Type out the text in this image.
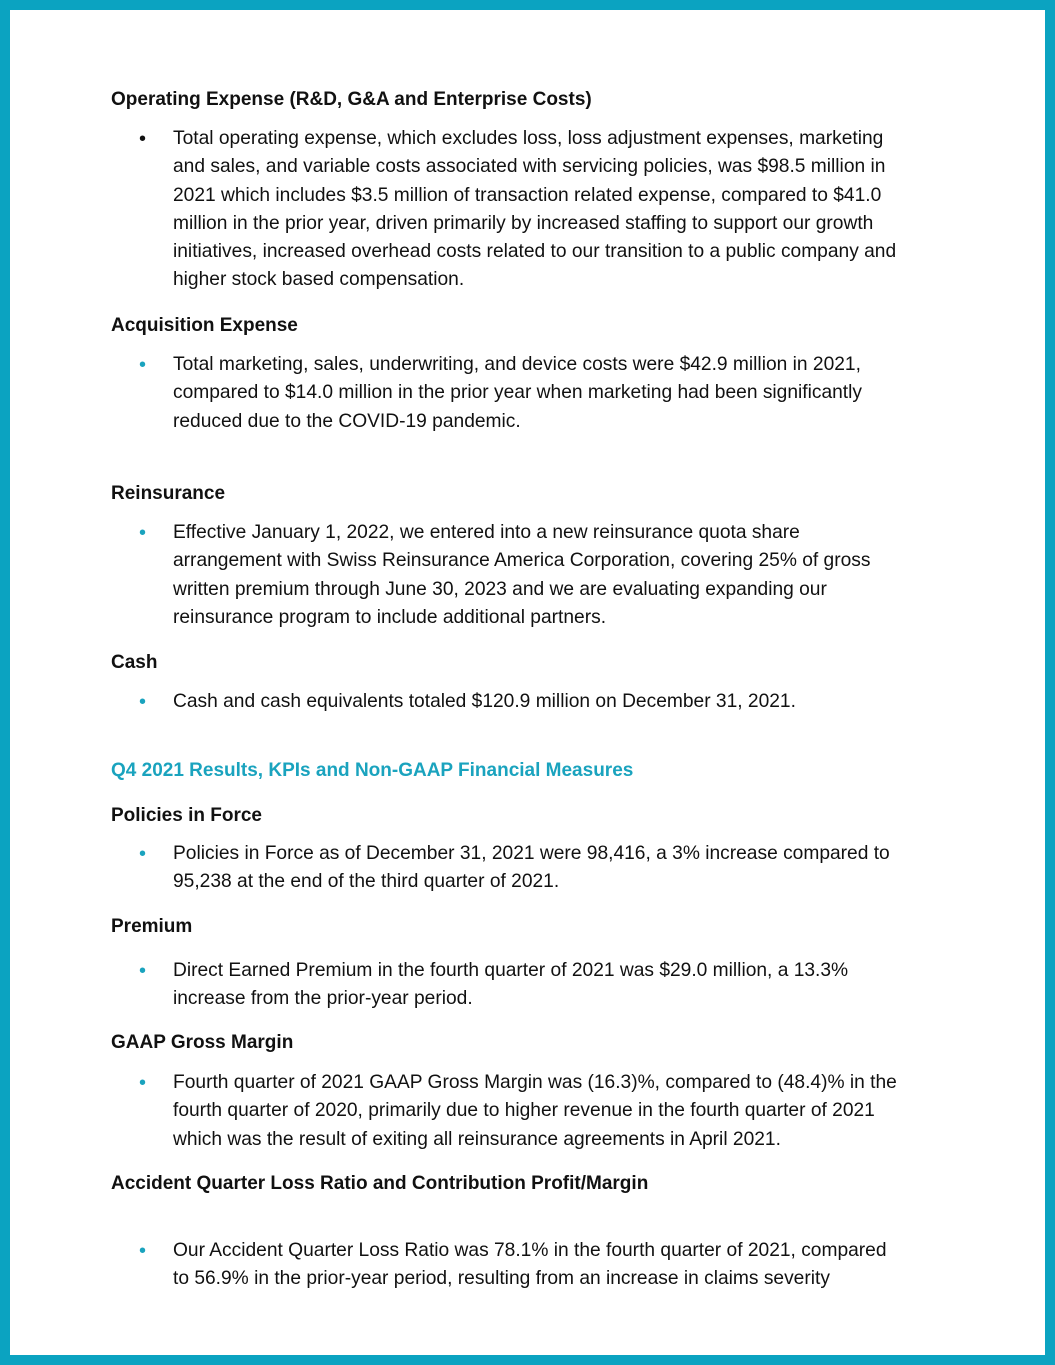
Operating Expense (R&D, G&A and Enterprise Costs)
• Total operating expense, which excludes loss, loss adjustment expenses, marketing
and sales, and variable costs associated with servicing policies, was $98.5 million in
2021 which includes $3.5 million of transaction related expense, compared to $41.0
million in the prior year, driven primarily by increased staffing to support our growth
initiatives, increased overhead costs related to our transition to a public company and
higher stock based compensation.
Acquisition Expense
• Total marketing, sales, underwriting, and device costs were $42.9 million in 2021,
compared to $14.0 million in the prior year when marketing had been significantly
reduced due to the COVID-19 pandemic.
Reinsurance
• Effective January 1, 2022, we entered into a new reinsurance quota share
arrangement with Swiss Reinsurance America Corporation, covering 25% of gross
written premium through June 30, 2023 and we are evaluating expanding our
reinsurance program to include additional partners.
Cash
• Cash and cash equivalents totaled $120.9 million on December 31, 2021.
Q4 2021 Results, KPIs and Non-GAAP Financial Measures
Policies in Force
• Policies in Force as of December 31, 2021 were 98,416, a 3% increase compared to
95,238 at the end of the third quarter of 2021.
Premium
• Direct Earned Premium in the fourth quarter of 2021 was $29.0 million, a 13.3%
increase from the prior-year period.
GAAP Gross Margin
• Fourth quarter of 2021 GAAP Gross Margin was (16.3)%, compared to (48.4)% in the
fourth quarter of 2020, primarily due to higher revenue in the fourth quarter of 2021
which was the result of exiting all reinsurance agreements in April 2021.
Accident Quarter Loss Ratio and Contribution Profit/Margin
• Our Accident Quarter Loss Ratio was 78.1% in the fourth quarter of 2021, compared
to 56.9% in the prior-year period, resulting from an increase in claims severity
